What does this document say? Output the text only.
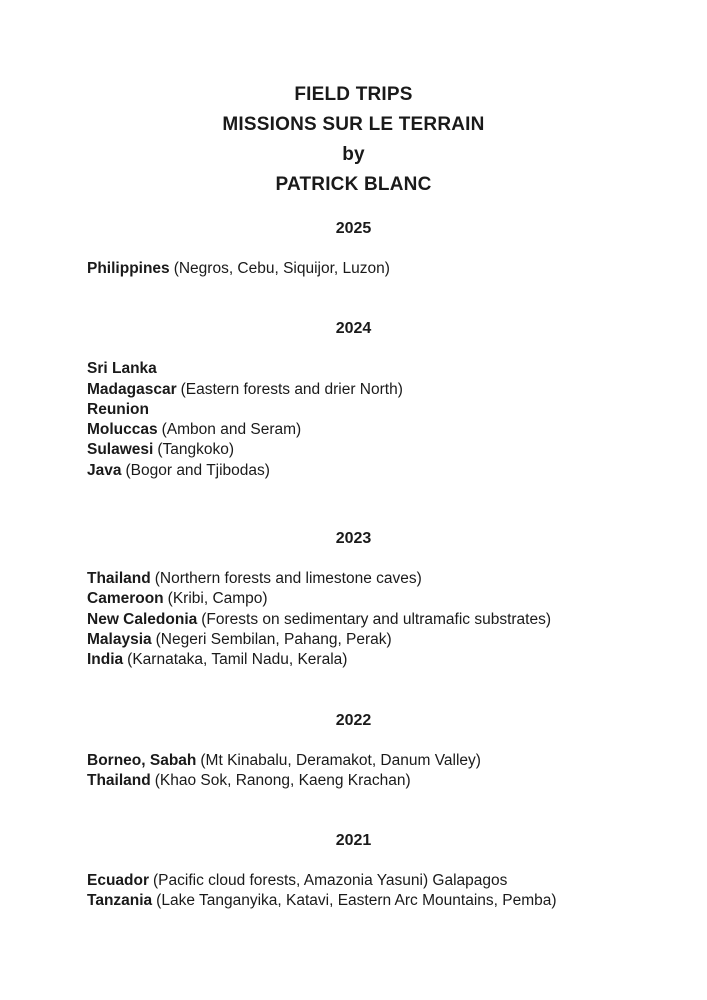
FIELD TRIPS
MISSIONS SUR LE TERRAIN
by
PATRICK BLANC
2025

Philippines (Negros, Cebu, Siquijor, Luzon)

2024

Sri Lanka

Madagascar (Eastern forests and drier North)

Reunion

Moluccas (Ambon and Seram)

Sulawesi (Tangkoko)

Java (Bogor and Tjibodas)

2023

Thailand (Northern forests and limestone caves)

Cameroon (Kribi, Campo)

New Caledonia (Forests on sedimentary and ultramafic substrates)

Malaysia (Negeri Sembilan, Pahang, Perak)

India (Karnataka, Tamil Nadu, Kerala)

2022

Borneo, Sabah (Mt Kinabalu, Deramakot, Danum Valley)

Thailand (Khao Sok, Ranong, Kaeng Krachan)

2021

Ecuador (Pacific cloud forests, Amazonia Yasuni) Galapagos

Tanzania (Lake Tanganyika, Katavi, Eastern Arc Mountains, Pemba)
